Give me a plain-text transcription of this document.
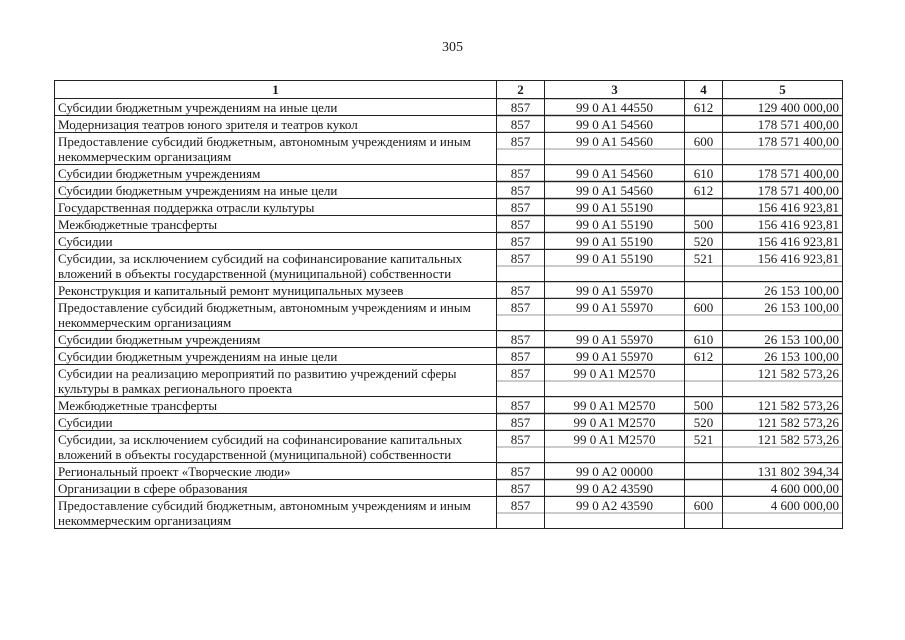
305
1	2	3	4	5
Субсидии бюджетным учреждениям на иные цели	857	99 0 A1 44550	612	129 400 000,00
Модернизация театров юного зрителя и театров кукол	857	99 0 A1 54560		178 571 400,00
Предоставление субсидий бюджетным, автономным учреждениям и иным некоммерческим организациям	857	99 0 A1 54560	600	178 571 400,00
Субсидии бюджетным учреждениям	857	99 0 A1 54560	610	178 571 400,00
Субсидии бюджетным учреждениям на иные цели	857	99 0 A1 54560	612	178 571 400,00
Государственная поддержка отрасли культуры	857	99 0 A1 55190		156 416 923,81
Межбюджетные трансферты	857	99 0 A1 55190	500	156 416 923,81
Субсидии	857	99 0 A1 55190	520	156 416 923,81
Субсидии, за исключением субсидий на софинансирование капитальных вложений в объекты государственной (муниципальной) собственности	857	99 0 A1 55190	521	156 416 923,81
Реконструкция и капитальный ремонт муниципальных музеев	857	99 0 A1 55970		26 153 100,00
Предоставление субсидий бюджетным, автономным учреждениям и иным некоммерческим организациям	857	99 0 A1 55970	600	26 153 100,00
Субсидии бюджетным учреждениям	857	99 0 A1 55970	610	26 153 100,00
Субсидии бюджетным учреждениям на иные цели	857	99 0 A1 55970	612	26 153 100,00
Субсидии на реализацию мероприятий по развитию учреждений сферы культуры в рамках регионального проекта	857	99 0 A1 M2570		121 582 573,26
Межбюджетные трансферты	857	99 0 A1 M2570	500	121 582 573,26
Субсидии	857	99 0 A1 M2570	520	121 582 573,26
Субсидии, за исключением субсидий на софинансирование капитальных вложений в объекты государственной (муниципальной) собственности	857	99 0 A1 M2570	521	121 582 573,26
Региональный проект «Творческие люди»	857	99 0 A2 00000		131 802 394,34
Организации в сфере образования	857	99 0 A2 43590		4 600 000,00
Предоставление субсидий бюджетным, автономным учреждениям и иным некоммерческим организациям	857	99 0 A2 43590	600	4 600 000,00
